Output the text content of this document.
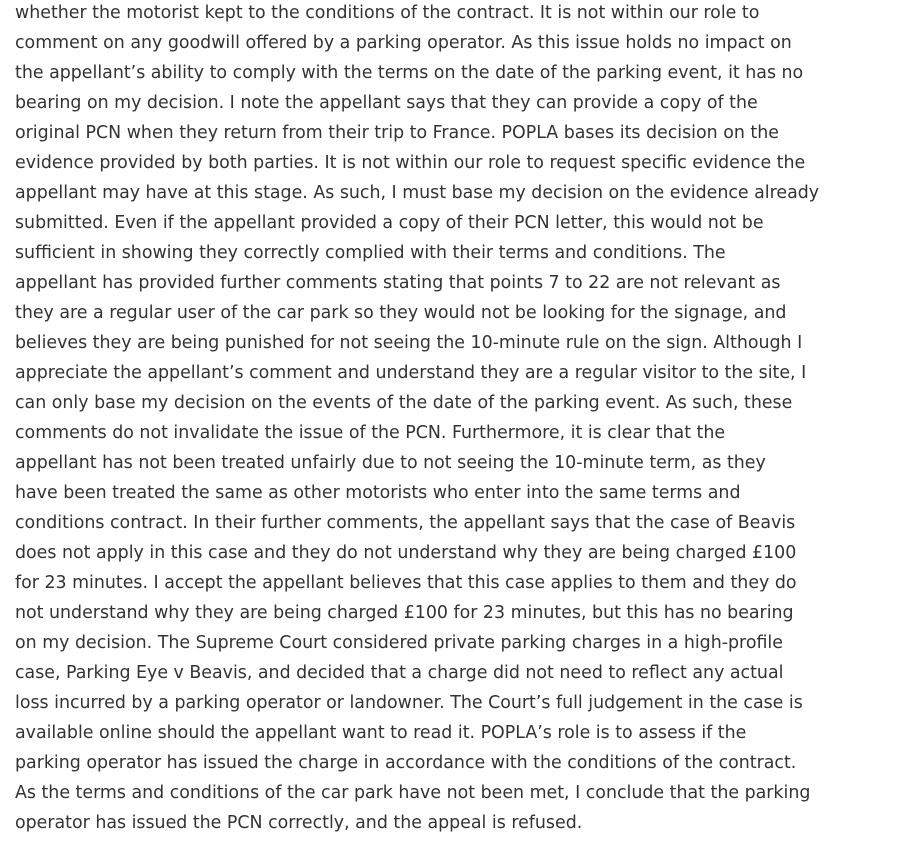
whether the motorist kept to the conditions of the contract. It is not within our role to
comment on any goodwill offered by a parking operator. As this issue holds no impact on
the appellant’s ability to comply with the terms on the date of the parking event, it has no
bearing on my decision. I note the appellant says that they can provide a copy of the
original PCN when they return from their trip to France. POPLA bases its decision on the
evidence provided by both parties. It is not within our role to request specific evidence the
appellant may have at this stage. As such, I must base my decision on the evidence already
submitted. Even if the appellant provided a copy of their PCN letter, this would not be
sufficient in showing they correctly complied with their terms and conditions. The
appellant has provided further comments stating that points 7 to 22 are not relevant as
they are a regular user of the car park so they would not be looking for the signage, and
believes they are being punished for not seeing the 10-minute rule on the sign. Although I
appreciate the appellant’s comment and understand they are a regular visitor to the site, I
can only base my decision on the events of the date of the parking event. As such, these
comments do not invalidate the issue of the PCN. Furthermore, it is clear that the
appellant has not been treated unfairly due to not seeing the 10-minute term, as they
have been treated the same as other motorists who enter into the same terms and
conditions contract. In their further comments, the appellant says that the case of Beavis
does not apply in this case and they do not understand why they are being charged £100
for 23 minutes. I accept the appellant believes that this case applies to them and they do
not understand why they are being charged £100 for 23 minutes, but this has no bearing
on my decision. The Supreme Court considered private parking charges in a high-profile
case, Parking Eye v Beavis, and decided that a charge did not need to reflect any actual
loss incurred by a parking operator or landowner. The Court’s full judgement in the case is
available online should the appellant want to read it. POPLA’s role is to assess if the
parking operator has issued the charge in accordance with the conditions of the contract.
As the terms and conditions of the car park have not been met, I conclude that the parking
operator has issued the PCN correctly, and the appeal is refused.
